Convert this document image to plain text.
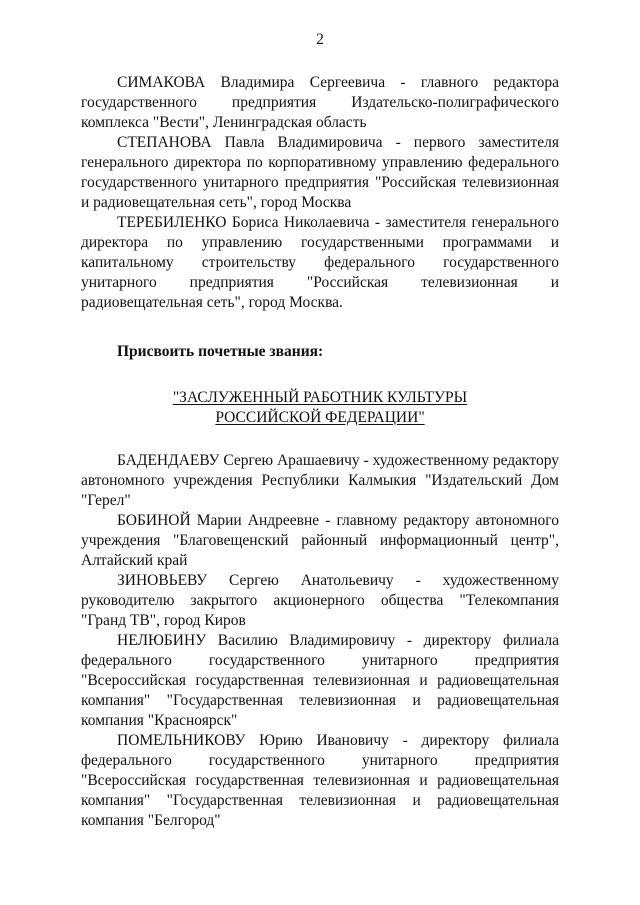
2

СИМАКОВА Владимира Сергеевича - главного редактора государственного предприятия Издательско-полиграфического комплекса "Вести", Ленинградская область

СТЕПАНОВА Павла Владимировича - первого заместителя генерального директора по корпоративному управлению федерального государственного унитарного предприятия "Российская телевизионная и радиовещательная сеть", город Москва

ТЕРЕБИЛЕНКО Бориса Николаевича - заместителя генерального директора по управлению государственными программами и капитальному строительству федерального государственного унитарного предприятия "Российская телевизионная и радиовещательная сеть", город Москва.

Присвоить почетные звания:

"ЗАСЛУЖЕННЫЙ РАБОТНИК КУЛЬТУРЫ
РОССИЙСКОЙ ФЕДЕРАЦИИ"

БАДЕНДАЕВУ Сергею Арашаевичу - художественному редактору автономного учреждения Республики Калмыкия "Издательский Дом "Герел"

БОБИНОЙ Марии Андреевне - главному редактору автономного учреждения "Благовещенский районный информационный центр", Алтайский край

ЗИНОВЬЕВУ Сергею Анатольевичу - художественному руководителю закрытого акционерного общества "Телекомпания "Гранд ТВ", город Киров

НЕЛЮБИНУ Василию Владимировичу - директору филиала федерального государственного унитарного предприятия "Всероссийская государственная телевизионная и радиовещательная компания" "Государственная телевизионная и радиовещательная компания "Красноярск"

ПОМЕЛЬНИКОВУ Юрию Ивановичу - директору филиала федерального государственного унитарного предприятия "Всероссийская государственная телевизионная и радиовещательная компания" "Государственная телевизионная и радиовещательная компания "Белгород"
